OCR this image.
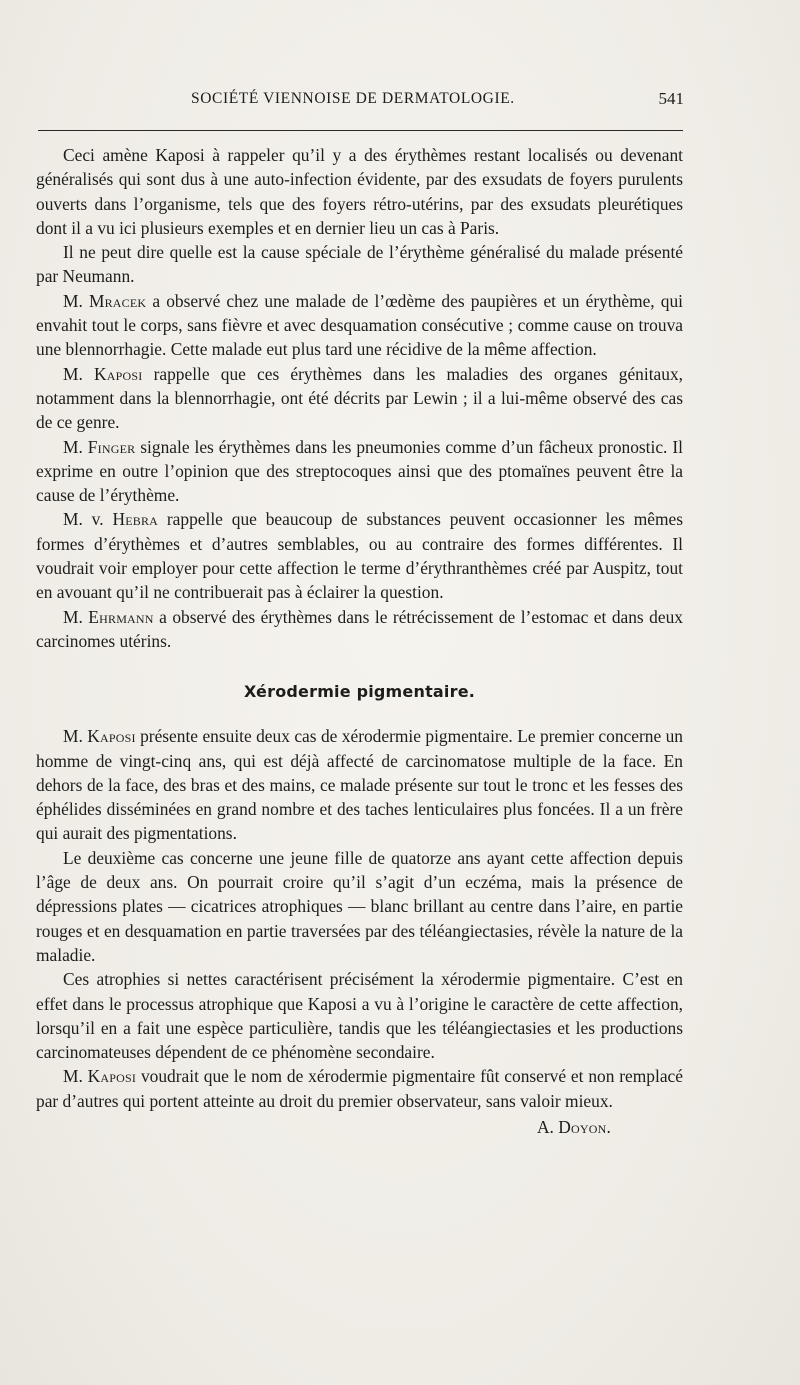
SOCIÉTÉ VIENNOISE DE DERMATOLOGIE.	541

Ceci amène Kaposi à rappeler qu’il y a des érythèmes restant localisés ou devenant généralisés qui sont dus à une auto-infection évidente, par des exsudats de foyers purulents ouverts dans l’organisme, tels que des foyers rétro-utérins, par des exsudats pleurétiques dont il a vu ici plusieurs exemples et en dernier lieu un cas à Paris.

Il ne peut dire quelle est la cause spéciale de l’érythème généralisé du malade présenté par Neumann.

M. Mracek a observé chez une malade de l’œdème des paupières et un érythème, qui envahit tout le corps, sans fièvre et avec desquamation consécutive ; comme cause on trouva une blennorrhagie. Cette malade eut plus tard une récidive de la même affection.

M. Kaposi rappelle que ces érythèmes dans les maladies des organes génitaux, notamment dans la blennorrhagie, ont été décrits par Lewin ; il a lui-même observé des cas de ce genre.

M. Finger signale les érythèmes dans les pneumonies comme d’un fâcheux pronostic. Il exprime en outre l’opinion que des streptocoques ainsi que des ptomaïnes peuvent être la cause de l’érythème.

M. v. Hebra rappelle que beaucoup de substances peuvent occasionner les mêmes formes d’érythèmes et d’autres semblables, ou au contraire des formes différentes. Il voudrait voir employer pour cette affection le terme d’érythranthèmes créé par Auspitz, tout en avouant qu’il ne contribuerait pas à éclairer la question.

M. Ehrmann a observé des érythèmes dans le rétrécissement de l’estomac et dans deux carcinomes utérins.

Xérodermie pigmentaire.

M. Kaposi présente ensuite deux cas de xérodermie pigmentaire. Le premier concerne un homme de vingt-cinq ans, qui est déjà affecté de carcinomatose multiple de la face. En dehors de la face, des bras et des mains, ce malade présente sur tout le tronc et les fesses des éphélides disséminées en grand nombre et des taches lenticulaires plus foncées. Il a un frère qui aurait des pigmentations.

Le deuxième cas concerne une jeune fille de quatorze ans ayant cette affection depuis l’âge de deux ans. On pourrait croire qu’il s’agit d’un eczéma, mais la présence de dépressions plates — cicatrices atrophiques — blanc brillant au centre dans l’aire, en partie rouges et en desquamation en partie traversées par des téléangiectasies, révèle la nature de la maladie.

Ces atrophies si nettes caractérisent précisément la xérodermie pigmentaire. C’est en effet dans le processus atrophique que Kaposi a vu à l’origine le caractère de cette affection, lorsqu’il en a fait une espèce particulière, tandis que les téléangiectasies et les productions carcinomateuses dépendent de ce phénomène secondaire.

M. Kaposi voudrait que le nom de xérodermie pigmentaire fût conservé et non remplacé par d’autres qui portent atteinte au droit du premier observateur, sans valoir mieux.

A. Doyon.
